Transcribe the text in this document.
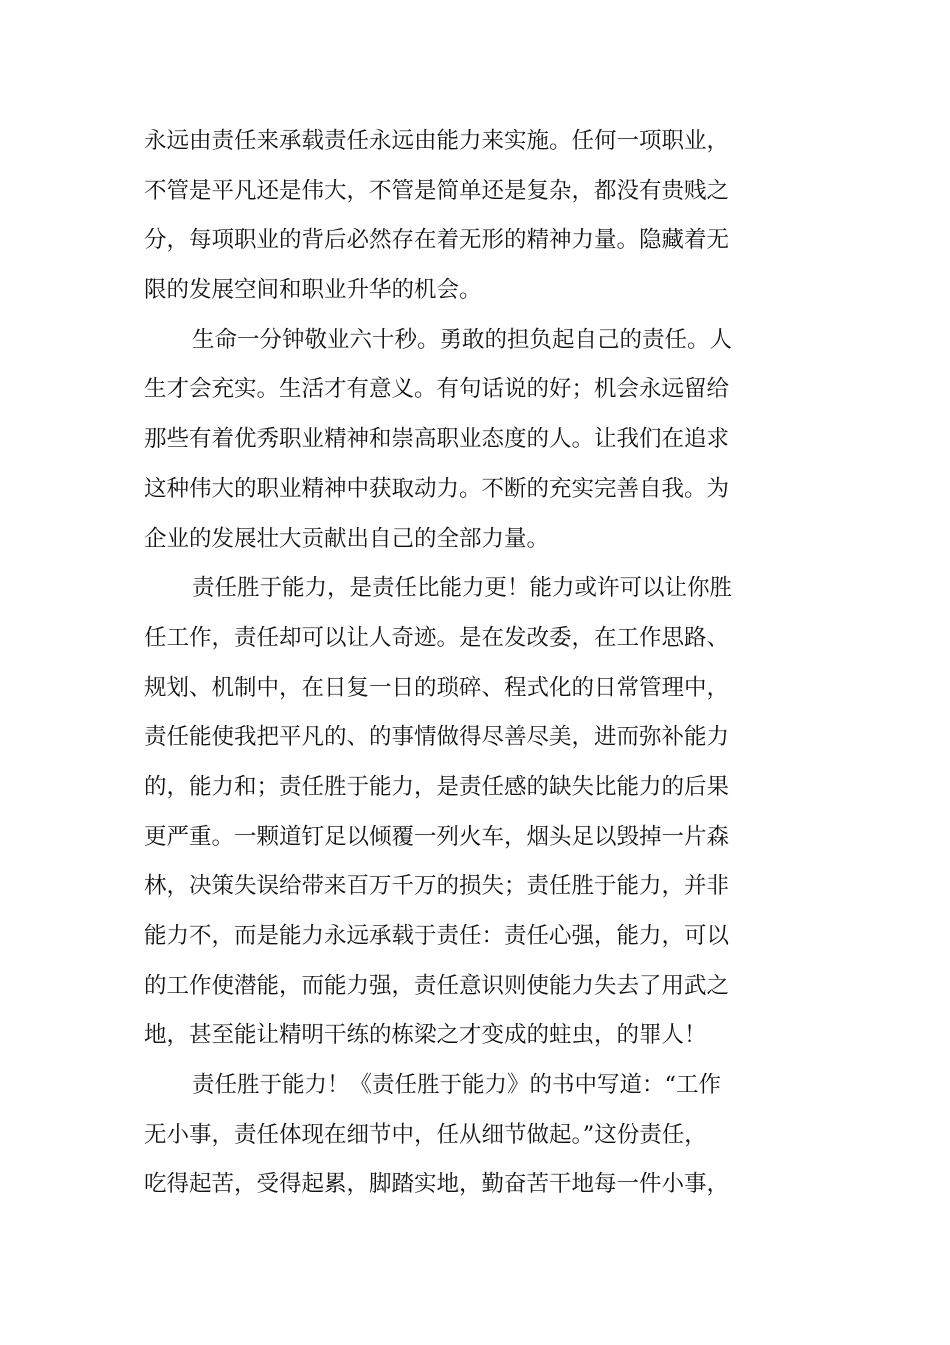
永远由责任来承载责任永远由能力来实施。任何一项职业，
不管是平凡还是伟大，不管是简单还是复杂，都没有贵贱之
分，每项职业的背后必然存在着无形的精神力量。隐藏着无
限的发展空间和职业升华的机会。
生命一分钟敬业六十秒。勇敢的担负起自己的责任。人
生才会充实。生活才有意义。有句话说的好；机会永远留给
那些有着优秀职业精神和崇高职业态度的人。让我们在追求
这种伟大的职业精神中获取动力。不断的充实完善自我。为
企业的发展壮大贡献出自己的全部力量。
责任胜于能力，是责任比能力更！能力或许可以让你胜
任工作，责任却可以让人奇迹。是在发改委，在工作思路、
规划、机制中，在日复一日的琐碎、程式化的日常管理中，
责任能使我把平凡的、的事情做得尽善尽美，进而弥补能力
的，能力和；责任胜于能力，是责任感的缺失比能力的后果
更严重。一颗道钉足以倾覆一列火车，烟头足以毁掉一片森
林，决策失误给带来百万千万的损失；责任胜于能力，并非
能力不，而是能力永远承载于责任：责任心强，能力，可以
的工作使潜能，而能力强，责任意识则使能力失去了用武之
地，甚至能让精明干练的栋梁之才变成的蛀虫，的罪人！
责任胜于能力！《责任胜于能力》的书中写道：“工作
无小事，责任体现在细节中，任从细节做起。”这份责任，
吃得起苦，受得起累，脚踏实地，勤奋苦干地每一件小事，
